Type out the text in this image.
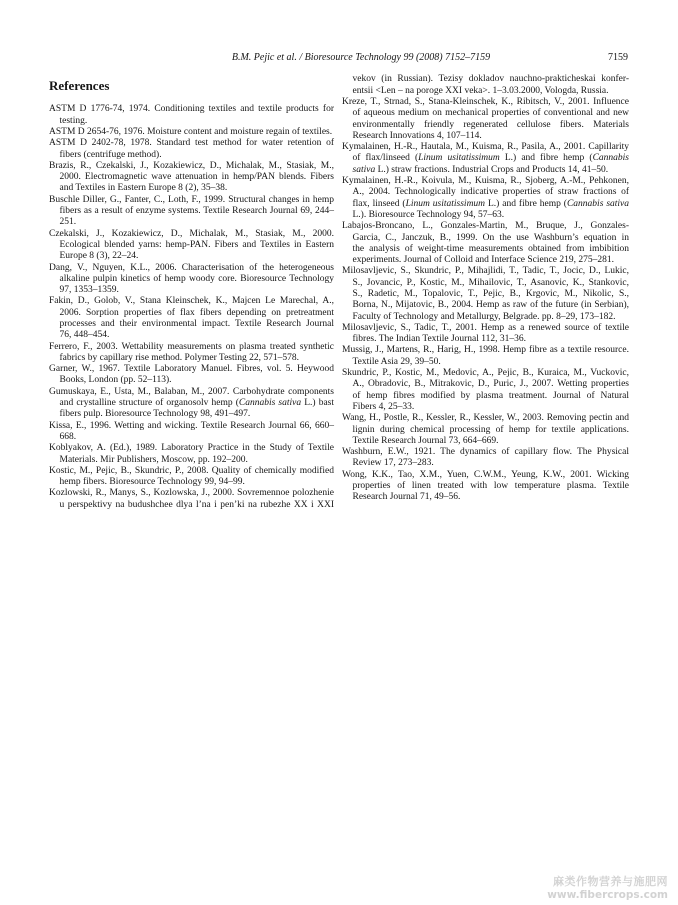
B.M. Pejic et al. / Bioresource Technology 99 (2008) 7152–7159	7159
References
ASTM D 1776-74, 1974. Conditioning textiles and textile products for
testing.
ASTM D 2654-76, 1976. Moisture content and moisture regain of textiles.
ASTM D 2402-78, 1978. Standard test method for water retention of
fibers (centrifuge method).
Brazis, R., Czekalski, J., Kozakiewicz, D., Michalak, M., Stasiak, M.,
2000. Electromagnetic wave attenuation in hemp/PAN blends. Fibers
and Textiles in Eastern Europe 8 (2), 35–38.
Buschle Diller, G., Fanter, C., Loth, F., 1999. Structural changes in hemp
fibers as a result of enzyme systems. Textile Research Journal 69, 244–
251.
Czekalski, J., Kozakiewicz, D., Michalak, M., Stasiak, M., 2000.
Ecological blended yarns: hemp-PAN. Fibers and Textiles in Eastern
Europe 8 (3), 22–24.
Dang, V., Nguyen, K.L., 2006. Characterisation of the heterogeneous
alkaline pulpin kinetics of hemp woody core. Bioresource Technology
97, 1353–1359.
Fakin, D., Golob, V., Stana Kleinschek, K., Majcen Le Marechal, A.,
2006. Sorption properties of flax fibers depending on pretreatment
processes and their environmental impact. Textile Research Journal
76, 448–454.
Ferrero, F., 2003. Wettability measurements on plasma treated synthetic
fabrics by capillary rise method. Polymer Testing 22, 571–578.
Garner, W., 1967. Textile Laboratory Manuel. Fibres, vol. 5. Heywood
Books, London (pp. 52–113).
Gumuskaya, E., Usta, M., Balaban, M., 2007. Carbohydrate components
and crystalline structure of organosolv hemp (Cannabis sativa L.) bast
fibers pulp. Bioresource Technology 98, 491–497.
Kissa, E., 1996. Wetting and wicking. Textile Research Journal 66, 660–
668.
Koblyakov, A. (Ed.), 1989. Laboratory Practice in the Study of Textile
Materials. Mir Publishers, Moscow, pp. 192–200.
Kostic, M., Pejic, B., Skundric, P., 2008. Quality of chemically modified
hemp fibers. Bioresource Technology 99, 94–99.
Kozlowski, R., Manys, S., Kozlowska, J., 2000. Sovremennoe polozhenie
u perspektivy na budushchee dlya l’na i pen’ki na rubezhe XX i XXI
vekov (in Russian). Tezisy dokladov nauchno-prakticheskai konfer-
entsii <Len – na poroge XXI veka>. 1–3.03.2000, Vologda, Russia.
Kreze, T., Strnad, S., Stana-Kleinschek, K., Ribitsch, V., 2001. Influence
of aqueous medium on mechanical properties of conventional and new
environmentally friendly regenerated cellulose fibers. Materials
Research Innovations 4, 107–114.
Kymalainen, H.-R., Hautala, M., Kuisma, R., Pasila, A., 2001. Capillarity
of flax/linseed (Linum usitatissimum L.) and fibre hemp (Cannabis
sativa L.) straw fractions. Industrial Crops and Products 14, 41–50.
Kymalainen, H.-R., Koivula, M., Kuisma, R., Sjoberg, A.-M., Pehkonen,
A., 2004. Technologically indicative properties of straw fractions of
flax, linseed (Linum usitatissimum L.) and fibre hemp (Cannabis sativa
L.). Bioresource Technology 94, 57–63.
Labajos-Broncano, L., Gonzales-Martin, M., Bruque, J., Gonzales-
Garcia, C., Janczuk, B., 1999. On the use Washburn’s equation in
the analysis of weight-time measurements obtained from imbibition
experiments. Journal of Colloid and Interface Science 219, 275–281.
Milosavljevic, S., Skundric, P., Mihajlidi, T., Tadic, T., Jocic, D., Lukic,
S., Jovancic, P., Kostic, M., Mihailovic, T., Asanovic, K., Stankovic,
S., Radetic, M., Topalovic, T., Pejic, B., Krgovic, M., Nikolic, S.,
Borna, N., Mijatovic, B., 2004. Hemp as raw of the future (in Serbian),
Faculty of Technology and Metallurgy, Belgrade. pp. 8–29, 173–182.
Milosavljevic, S., Tadic, T., 2001. Hemp as a renewed source of textile
fibres. The Indian Textile Journal 112, 31–36.
Mussig, J., Martens, R., Harig, H., 1998. Hemp fibre as a textile resource.
Textile Asia 29, 39–50.
Skundric, P., Kostic, M., Medovic, A., Pejic, B., Kuraica, M., Vuckovic,
A., Obradovic, B., Mitrakovic, D., Puric, J., 2007. Wetting properties
of hemp fibres modified by plasma treatment. Journal of Natural
Fibers 4, 25–33.
Wang, H., Postle, R., Kessler, R., Kessler, W., 2003. Removing pectin and
lignin during chemical processing of hemp for textile applications.
Textile Research Journal 73, 664–669.
Washburn, E.W., 1921. The dynamics of capillary flow. The Physical
Review 17, 273–283.
Wong, K.K., Tao, X.M., Yuen, C.W.M., Yeung, K.W., 2001. Wicking
properties of linen treated with low temperature plasma. Textile
Research Journal 71, 49–56.
麻类作物营养与施肥网
www.fibercrops.com
